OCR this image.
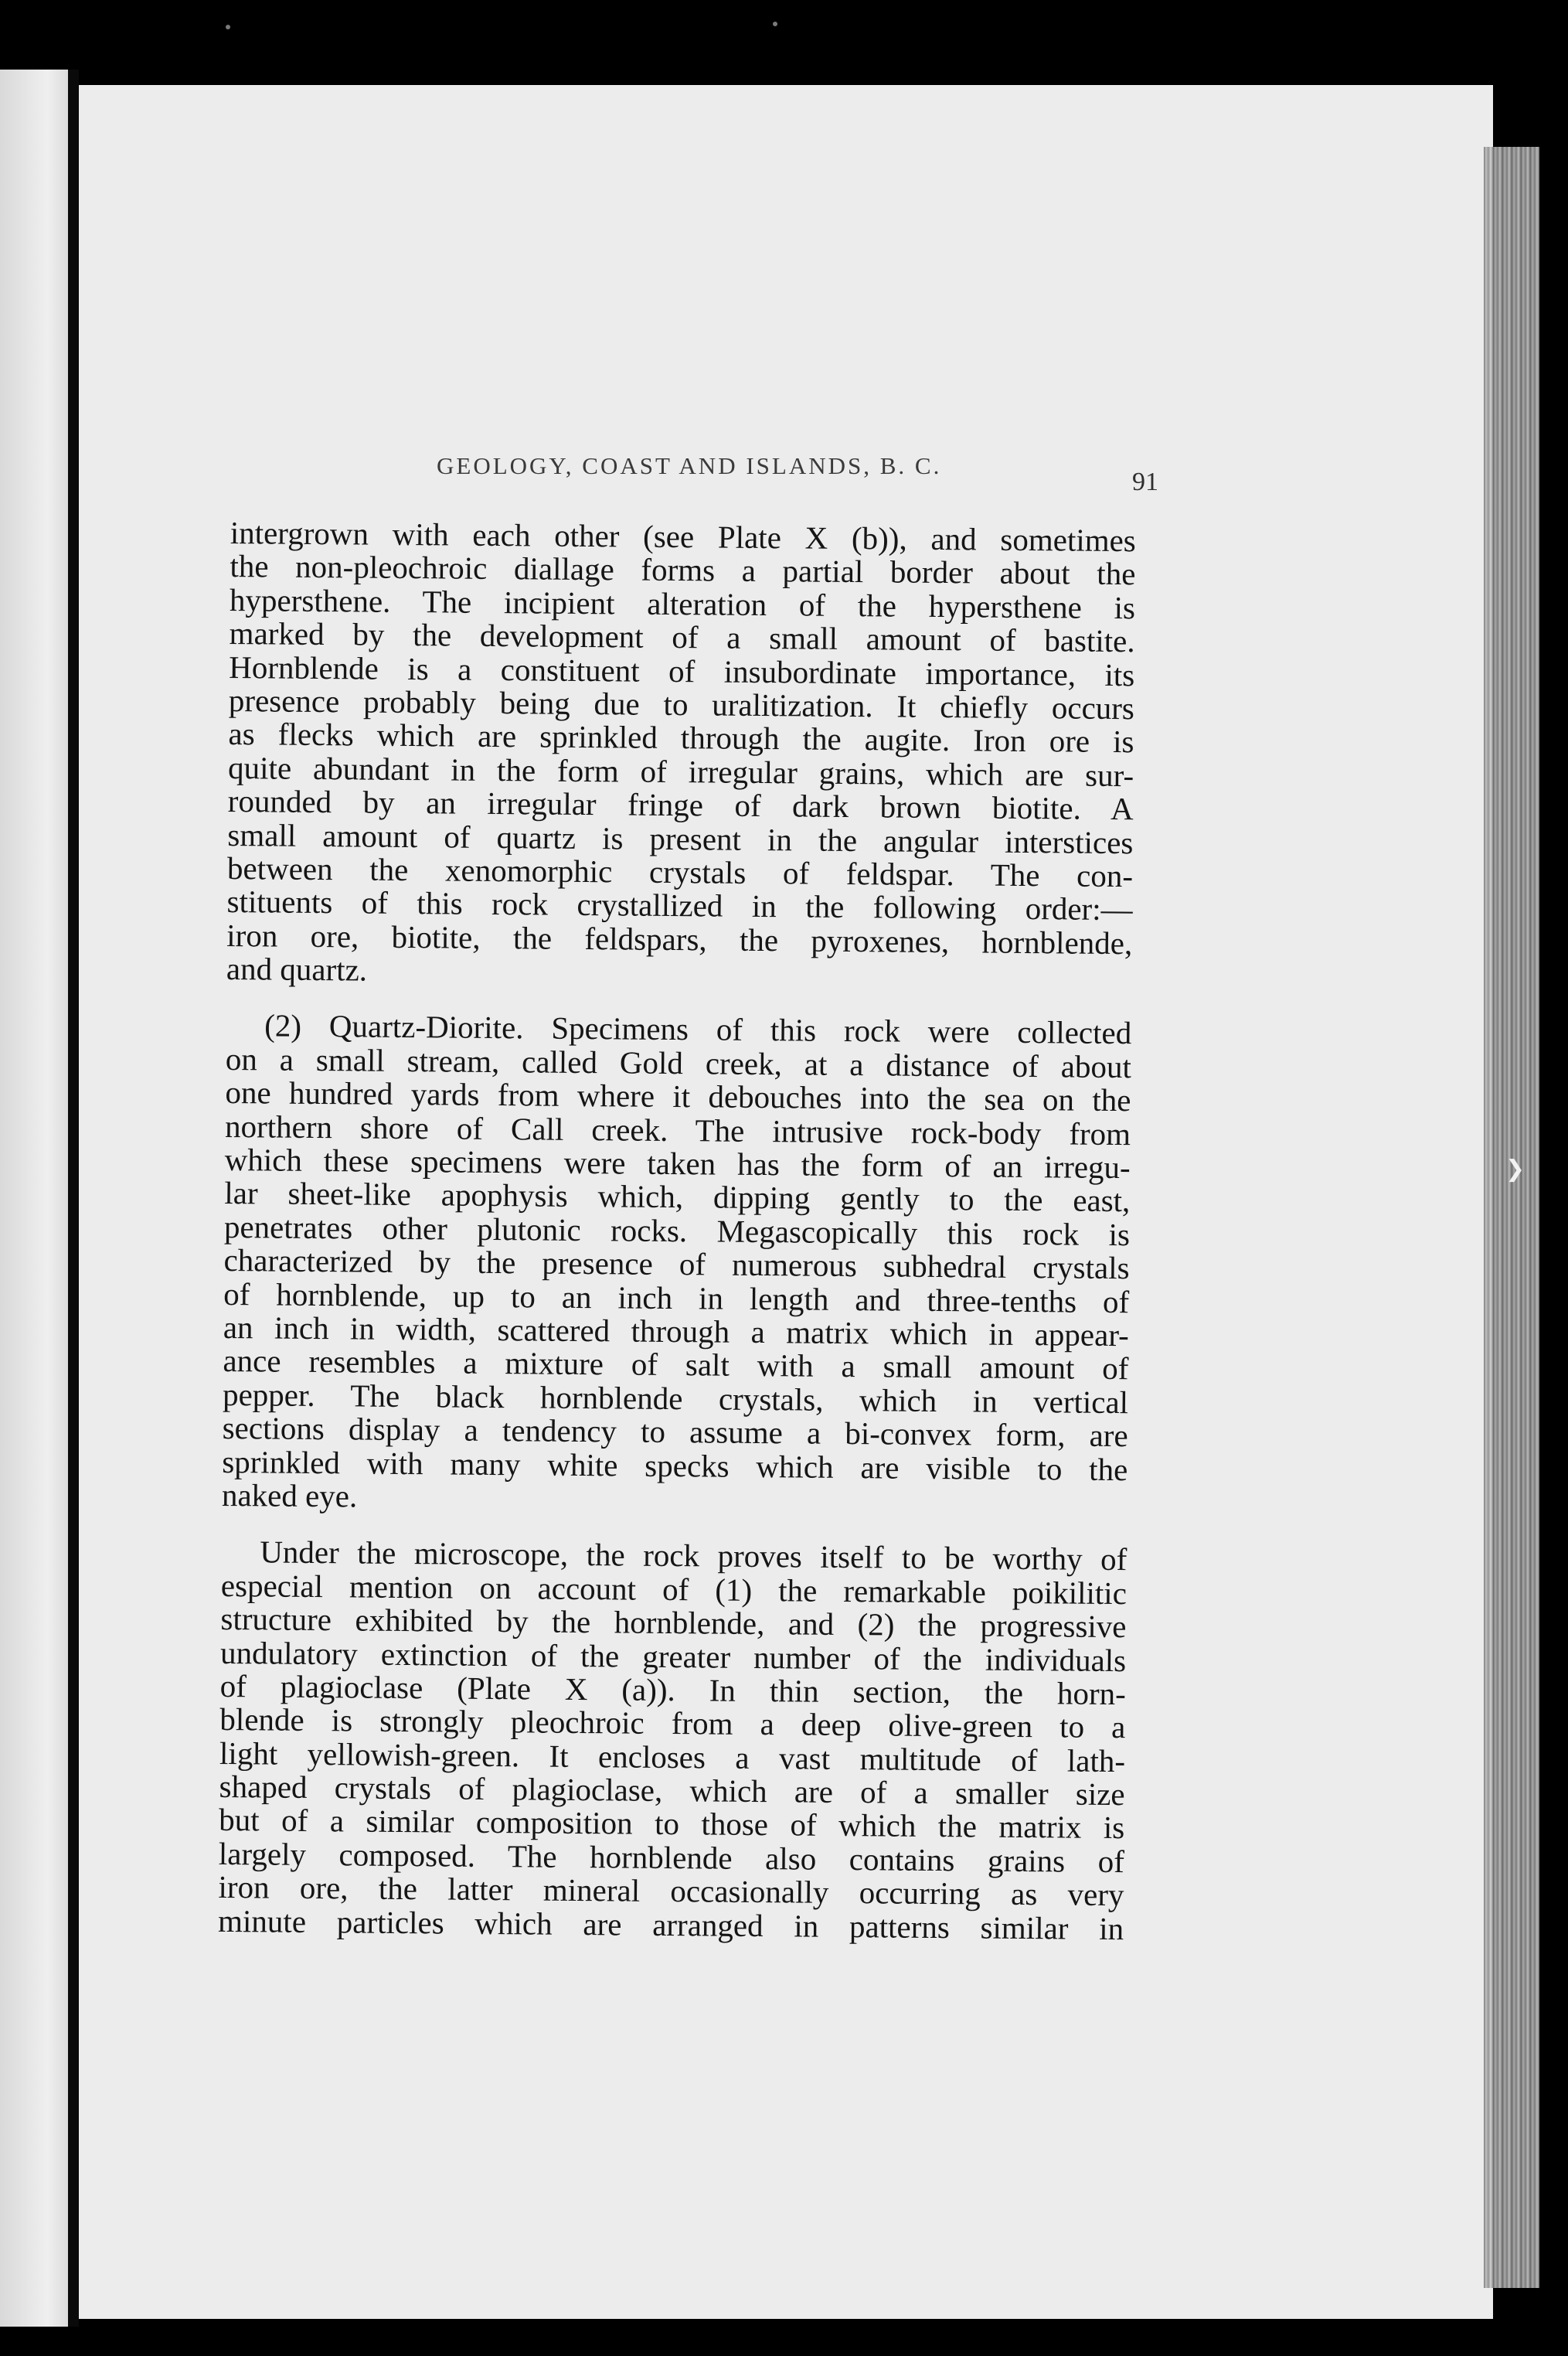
❯
GEOLOGY, COAST AND ISLANDS, B. C.
91
intergrown with each other (see Plate X (b)), and sometimes
the non-pleochroic diallage forms a partial border about the
hypersthene. The incipient alteration of the hypersthene is
marked by the development of a small amount of bastite.
Hornblende is a constituent of insubordinate importance, its
presence probably being due to uralitization. It chiefly occurs
as flecks which are sprinkled through the augite. Iron ore is
quite abundant in the form of irregular grains, which are sur-
rounded by an irregular fringe of dark brown biotite. A
small amount of quartz is present in the angular interstices
between the xenomorphic crystals of feldspar. The con-
stituents of this rock crystallized in the following order:—
iron ore, biotite, the feldspars, the pyroxenes, hornblende,
and quartz.
(2) Quartz-Diorite. Specimens of this rock were collected
on a small stream, called Gold creek, at a distance of about
one hundred yards from where it debouches into the sea on the
northern shore of Call creek. The intrusive rock-body from
which these specimens were taken has the form of an irregu-
lar sheet-like apophysis which, dipping gently to the east,
penetrates other plutonic rocks. Megascopically this rock is
characterized by the presence of numerous subhedral crystals
of hornblende, up to an inch in length and three-tenths of
an inch in width, scattered through a matrix which in appear-
ance resembles a mixture of salt with a small amount of
pepper. The black hornblende crystals, which in vertical
sections display a tendency to assume a bi-convex form, are
sprinkled with many white specks which are visible to the
naked eye.
Under the microscope, the rock proves itself to be worthy of
especial mention on account of (1) the remarkable poikilitic
structure exhibited by the hornblende, and (2) the progressive
undulatory extinction of the greater number of the individuals
of plagioclase (Plate X (a)). In thin section, the horn-
blende is strongly pleochroic from a deep olive-green to a
light yellowish-green. It encloses a vast multitude of lath-
shaped crystals of plagioclase, which are of a smaller size
but of a similar composition to those of which the matrix is
largely composed. The hornblende also contains grains of
iron ore, the latter mineral occasionally occurring as very
minute particles which are arranged in patterns similar in
